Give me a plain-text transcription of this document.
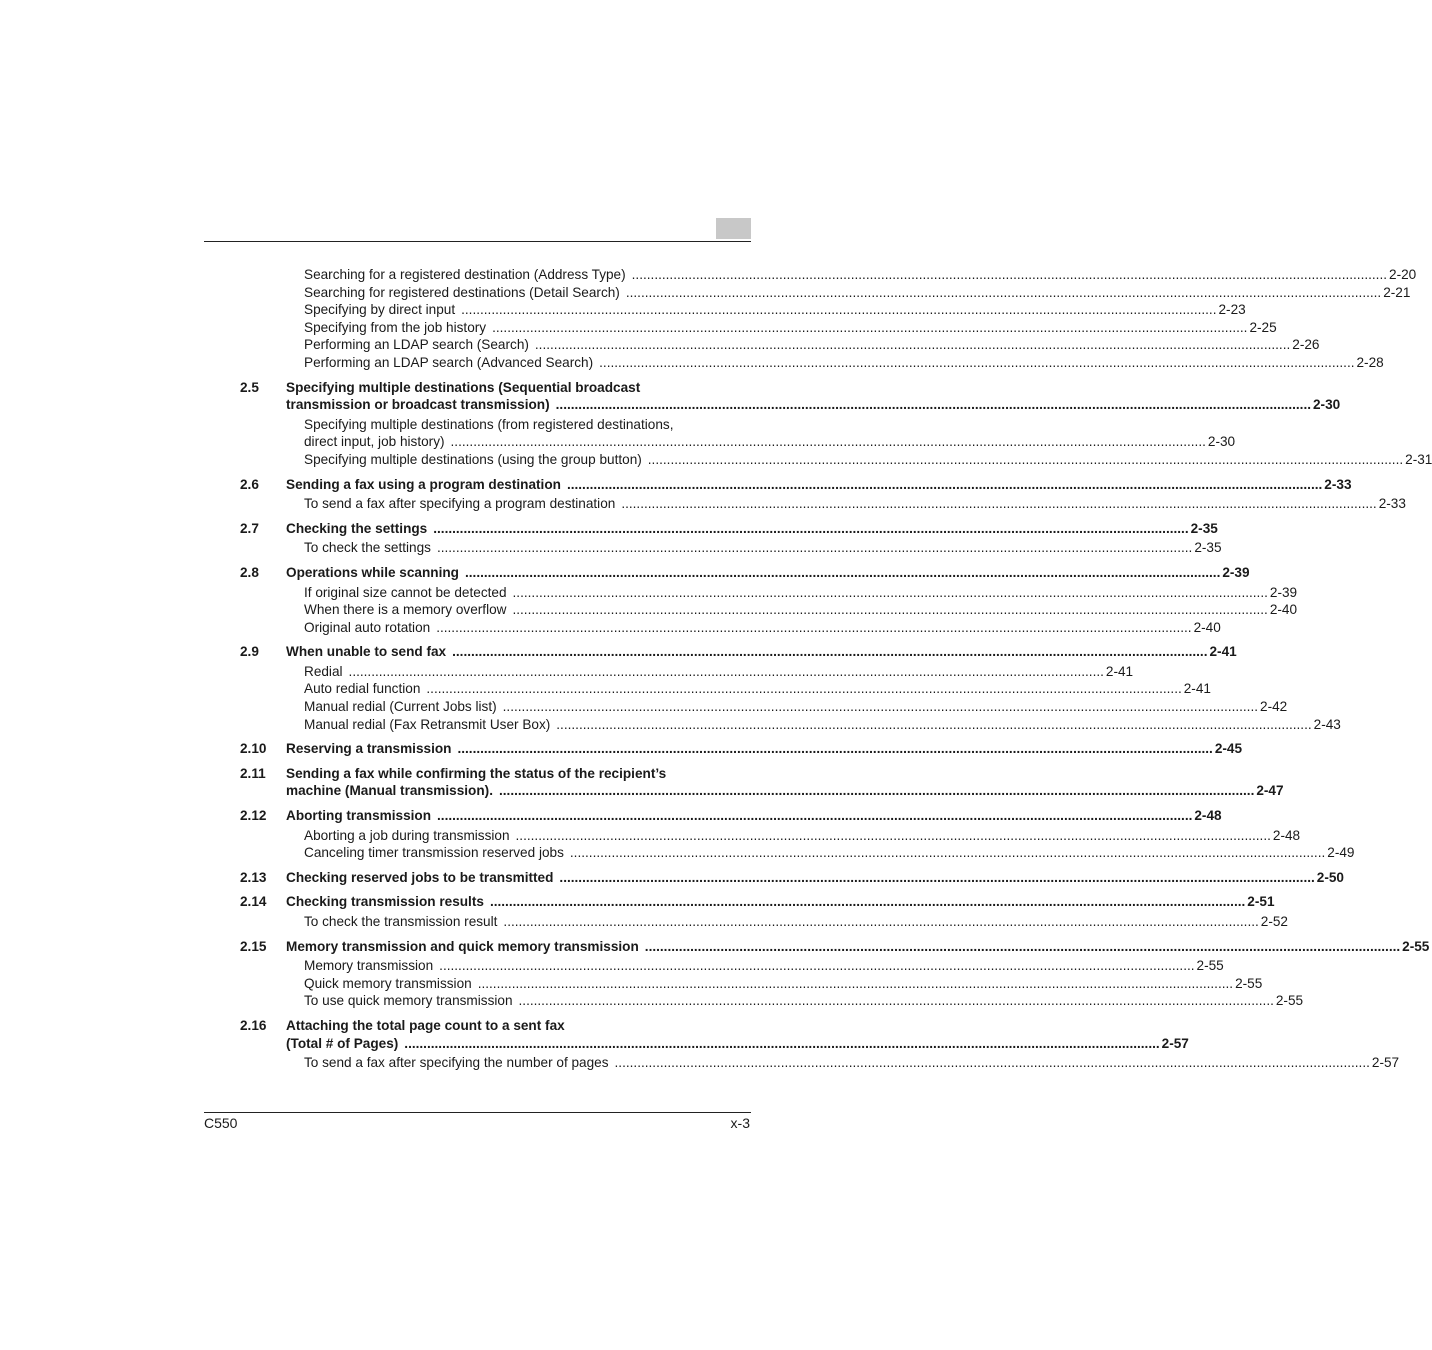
Searching for a registered destination (Address Type) ........................................................................................................................................................................................................ 2-20
Searching for registered destinations (Detail Search) ........................................................................................................................................................................................................ 2-21
Specifying by direct input ........................................................................................................................................................................................................ 2-23
Specifying from the job history ........................................................................................................................................................................................................ 2-25
Performing an LDAP search (Search) ........................................................................................................................................................................................................ 2-26
Performing an LDAP search (Advanced Search) ........................................................................................................................................................................................................ 2-28
2.5 Specifying multiple destinations (Sequential broadcast
transmission or broadcast transmission) ........................................................................................................................................................................................................ 2-30
Specifying multiple destinations (from registered destinations,
direct input, job history) ........................................................................................................................................................................................................ 2-30
Specifying multiple destinations (using the group button) ........................................................................................................................................................................................................ 2-31
2.6 Sending a fax using a program destination ........................................................................................................................................................................................................ 2-33
To send a fax after specifying a program destination ........................................................................................................................................................................................................ 2-33
2.7 Checking the settings ........................................................................................................................................................................................................ 2-35
To check the settings ........................................................................................................................................................................................................ 2-35
2.8 Operations while scanning ........................................................................................................................................................................................................ 2-39
If original size cannot be detected ........................................................................................................................................................................................................ 2-39
When there is a memory overflow ........................................................................................................................................................................................................ 2-40
Original auto rotation ........................................................................................................................................................................................................ 2-40
2.9 When unable to send fax ........................................................................................................................................................................................................ 2-41
Redial ........................................................................................................................................................................................................ 2-41
Auto redial function ........................................................................................................................................................................................................ 2-41
Manual redial (Current Jobs list) ........................................................................................................................................................................................................ 2-42
Manual redial (Fax Retransmit User Box) ........................................................................................................................................................................................................ 2-43
2.10 Reserving a transmission ........................................................................................................................................................................................................ 2-45
2.11 Sending a fax while confirming the status of the recipient’s
machine (Manual transmission). ........................................................................................................................................................................................................ 2-47
2.12 Aborting transmission ........................................................................................................................................................................................................ 2-48
Aborting a job during transmission ........................................................................................................................................................................................................ 2-48
Canceling timer transmission reserved jobs ........................................................................................................................................................................................................ 2-49
2.13 Checking reserved jobs to be transmitted ........................................................................................................................................................................................................ 2-50
2.14 Checking transmission results ........................................................................................................................................................................................................ 2-51
To check the transmission result ........................................................................................................................................................................................................ 2-52
2.15 Memory transmission and quick memory transmission ........................................................................................................................................................................................................ 2-55
Memory transmission ........................................................................................................................................................................................................ 2-55
Quick memory transmission ........................................................................................................................................................................................................ 2-55
To use quick memory transmission ........................................................................................................................................................................................................ 2-55
2.16 Attaching the total page count to a sent fax
(Total # of Pages) ........................................................................................................................................................................................................ 2-57
To send a fax after specifying the number of pages ........................................................................................................................................................................................................ 2-57
C550	x-3
